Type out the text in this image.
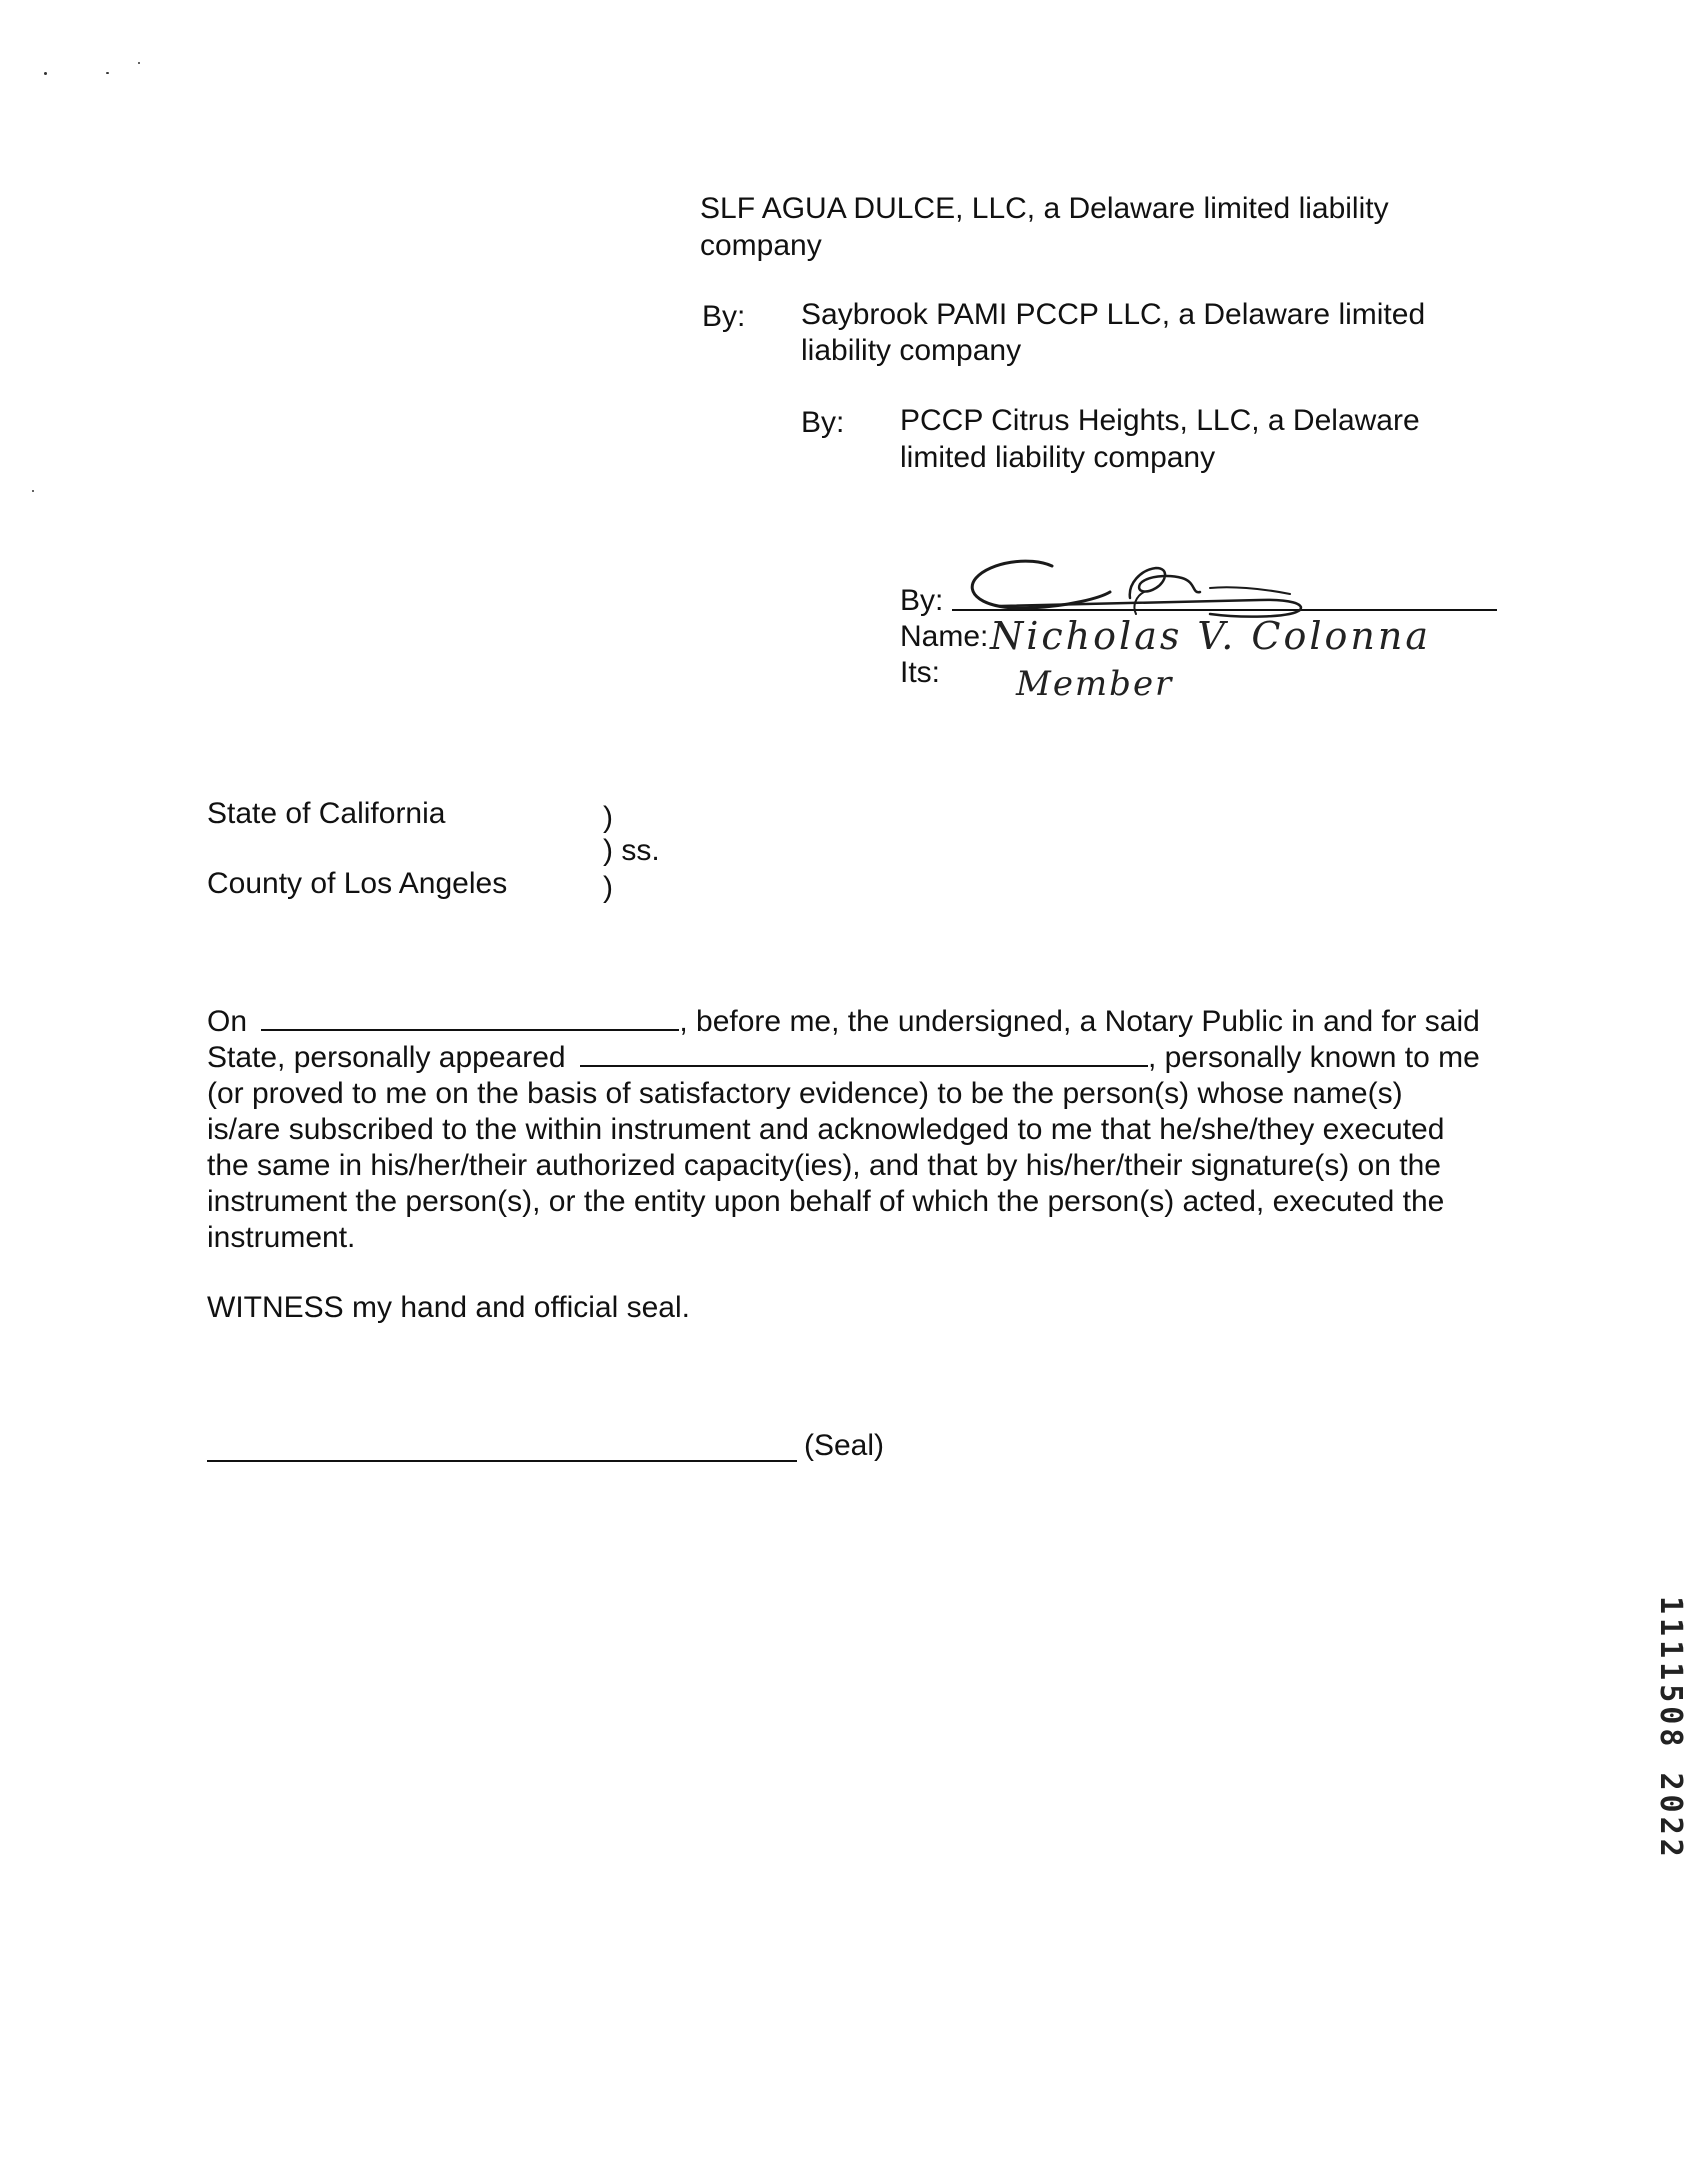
SLF AGUA DULCE, LLC, a Delaware limited liability
company
By: Saybrook PAMI PCCP LLC, a Delaware limited
liability company
By: PCCP Citrus Heights, LLC, a Delaware
limited liability company
By:
Name: Nicholas V. Colonna
Its: Member
State of California	)
) ss.
County of Los Angeles	)
On	, before me, the undersigned, a Notary Public in and for said
State, personally appeared	, personally known to me
(or proved to me on the basis of satisfactory evidence) to be the person(s) whose name(s)
is/are subscribed to the within instrument and acknowledged to me that he/she/they executed
the same in his/her/their authorized capacity(ies), and that by his/her/their signature(s) on the
instrument the person(s), or the entity upon behalf of which the person(s) acted, executed the
instrument.
WITNESS my hand and official seal.
(Seal)
1111508 2022
